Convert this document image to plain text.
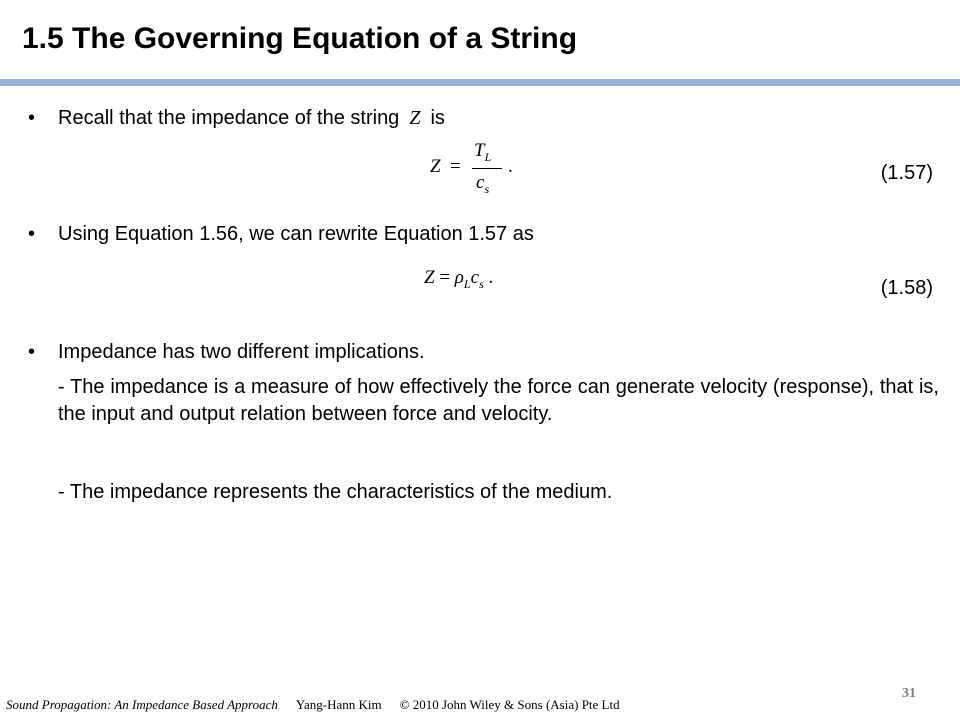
1.5 The Governing Equation of a String
• Recall that the impedance of the string Z is
Z =
$T_L$
$c_s$
.	(1.57)
• Using Equation 1.56, we can rewrite Equation 1.57 as
$Z = \rho_Lc_s$ .	(1.58)
• Impedance has two different implications.
- The impedance is a measure of how effectively the force can generate velocity (response), that is, the input and output relation between force and velocity.
- The impedance represents the characteristics of the medium.
Sound Propagation: An Impedance Based Approach Yang-Hann Kim © 2010 John Wiley & Sons (Asia) Pte Ltd
31
